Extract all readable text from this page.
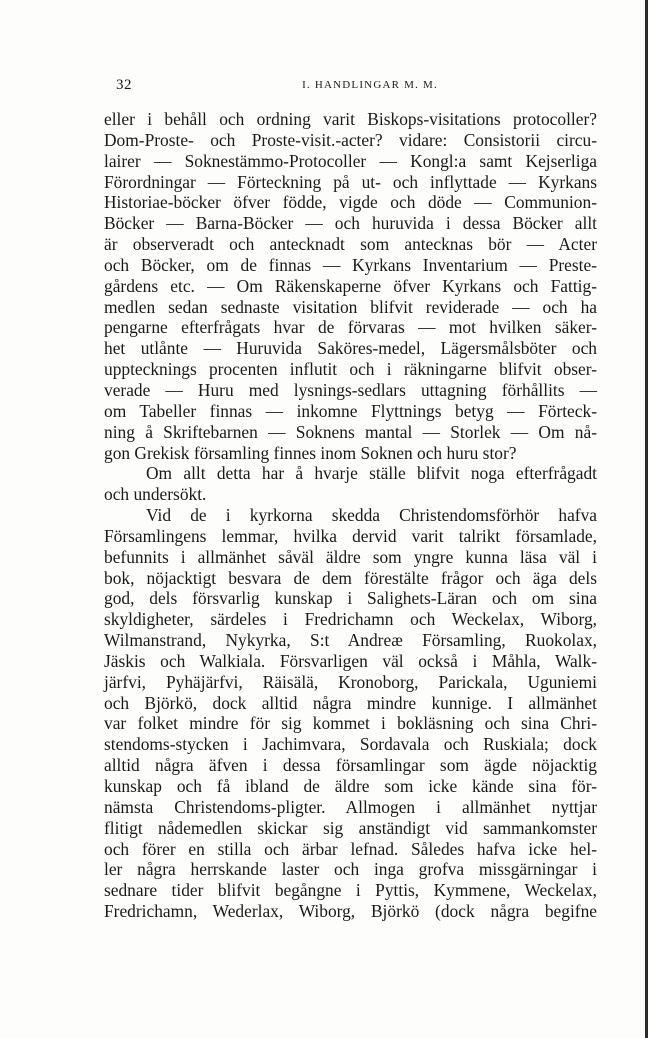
32	I. HANDLINGAR M. M.
eller i behåll och ordning varit Biskops-visitations protocoller?
Dom-Proste- och Proste-visit.-acter? vidare: Consistorii circu-
lairer — Soknestämmo-Protocoller — Kongl:a samt Kejserliga
Förordningar — Förteckning på ut- och inflyttade — Kyrkans
Historiae-böcker öfver födde, vigde och döde — Communion-
Böcker — Barna-Böcker — och huruvida i dessa Böcker allt
är observeradt och antecknadt som antecknas bör — Acter
och Böcker, om de finnas — Kyrkans Inventarium — Preste-
gårdens etc. — Om Räkenskaperne öfver Kyrkans och Fattig-
medlen sedan sednaste visitation blifvit reviderade — och ha
pengarne efterfrågats hvar de förvaras — mot hvilken säker-
het utlånte — Huruvida Saköres-medel, Lägersmålsböter och
upptecknings procenten influtit och i räkningarne blifvit obser-
verade — Huru med lysnings-sedlars uttagning förhållits —
om Tabeller finnas — inkomne Flyttnings betyg — Förteck-
ning å Skriftebarnen — Soknens mantal — Storlek — Om nå-
gon Grekisk församling finnes inom Soknen och huru stor?
Om allt detta har å hvarje ställe blifvit noga efterfrågadt
och undersökt.
Vid de i kyrkorna skedda Christendomsförhör hafva
Församlingens lemmar, hvilka dervid varit talrikt församlade,
befunnits i allmänhet såväl äldre som yngre kunna läsa väl i
bok, nöjacktigt besvara de dem förestälte frågor och äga dels
god, dels försvarlig kunskap i Salighets-Läran och om sina
skyldigheter, särdeles i Fredrichamn och Weckelax, Wiborg,
Wilmanstrand, Nykyrka, S:t Andreæ Församling, Ruokolax,
Jäskis och Walkiala. Försvarligen väl också i Måhla, Walk-
järfvi, Pyhäjärfvi, Räisälä, Kronoborg, Parickala, Uguniemi
och Björkö, dock alltid några mindre kunnige. I allmänhet
var folket mindre för sig kommet i bokläsning och sina Chri-
stendoms-stycken i Jachimvara, Sordavala och Ruskiala; dock
alltid några äfven i dessa församlingar som ägde nöjacktig
kunskap och få ibland de äldre som icke kände sina för-
nämsta Christendoms-pligter. Allmogen i allmänhet nyttjar
flitigt nådemedlen skickar sig anständigt vid sammankomster
och förer en stilla och ärbar lefnad. Således hafva icke hel-
ler några herrskande laster och inga grofva missgärningar i
sednare tider blifvit begångne i Pyttis, Kymmene, Weckelax,
Fredrichamn, Wederlax, Wiborg, Björkö (dock några begifne
